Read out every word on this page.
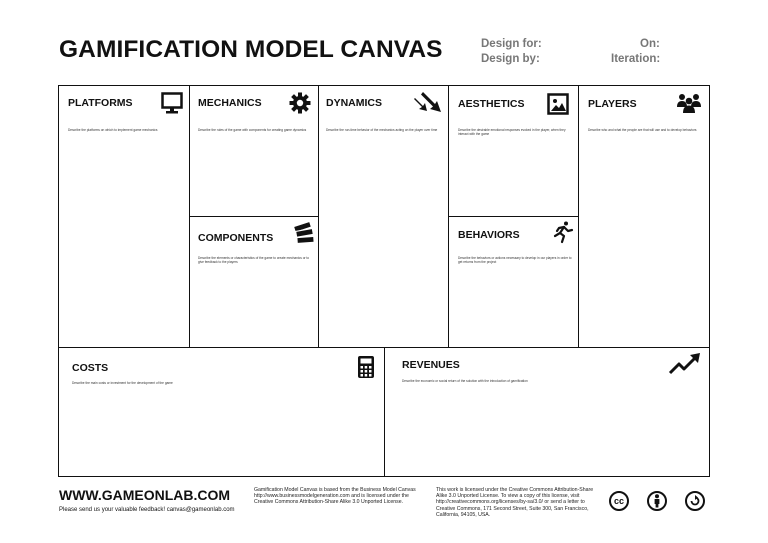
GAMIFICATION MODEL CANVAS	Design for:
Design by:
On:
Iteration:
PLATFORMS
Describe the platforms on which to implement game mechanics
MECHANICS
Describe the rules of the game with components for creating game dynamics
DYNAMICS
Describe the run-time behavior of the mechanics acting on the player over time
AESTHETICS
Describe the desirable emotional responses evoked in the player, when they interact with the game
PLAYERS
Describe who and what the people are that will use and to develop behaviors
COMPONENTS
Describe the elements or characteristics of the game to create mechanics or to give feedback to the players
BEHAVIORS
Describe the behaviors or actions necessary to develop in our players in order to get returns from the project
COSTS
Describe the main costs or investment for the development of the game
REVENUES
Describe the economic or social return of the solution with the introduction of gamification
WWW.GAMEONLAB.COM
Please send us your valuable feedback! canvas@gameonlab.com
Gamification Model Canvas is based from the Business Model Canvas http://www.businessmodelgeneration.com and is licensed under the Creative Commons Attribution-Share Alike 3.0 Unported License.
This work is licensed under the Creative Commons Attribution-Share Alike 3.0 Unported License. To view a copy of this license, visit http://creativecommons.org/licenses/by-sa/3.0/ or send a letter to Creative Commons, 171 Second Street, Suite 300, San Francisco, California, 94105, USA.
cc
